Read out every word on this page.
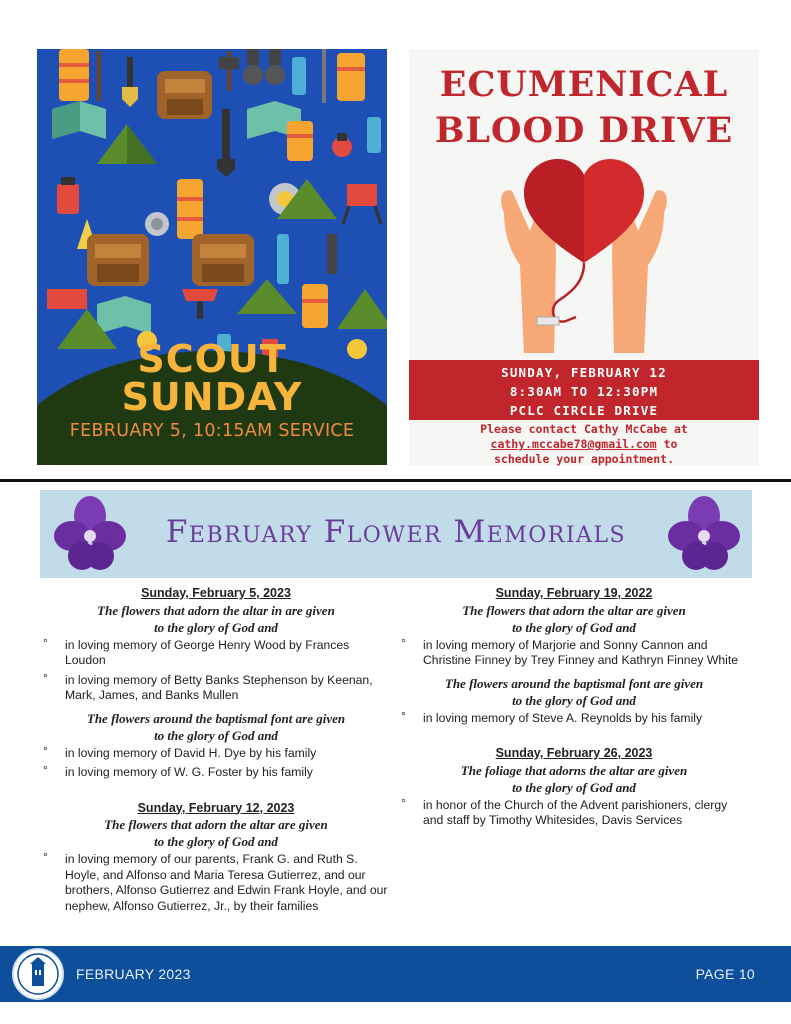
SCOUT
SUNDAY
FEBRUARY 5, 10:15AM SERVICE
ECUMENICAL
BLOOD DRIVE
SUNDAY, FEBRUARY 12
8:30AM TO 12:30PM
PCLC CIRCLE DRIVE
Please contact Cathy McCabe at
cathy.mccabe78@gmail.com to
schedule your appointment.
February Flower Memorials
Sunday, February 5, 2023
The flowers that adorn the altar in are given
to the glory of God and
° in loving memory of George Henry Wood by Frances Loudon
° in loving memory of Betty Banks Stephenson by Keenan, Mark, James, and Banks Mullen
The flowers around the baptismal font are given
to the glory of God and
° in loving memory of David H. Dye by his family
° in loving memory of W. G. Foster by his family
Sunday, February 12, 2023
The flowers that adorn the altar are given
to the glory of God and
° in loving memory of our parents, Frank G. and Ruth S. Hoyle, and Alfonso and Maria Teresa Gutierrez, and our brothers, Alfonso Gutierrez and Edwin Frank Hoyle, and our nephew, Alfonso Gutierrez, Jr., by their families
Sunday, February 19, 2022
The flowers that adorn the altar are given
to the glory of God and
° in loving memory of Marjorie and Sonny Cannon and Christine Finney by Trey Finney and Kathryn Finney White
The flowers around the baptismal font are given
to the glory of God and
° in loving memory of Steve A. Reynolds by his family
Sunday, February 26, 2023
The foliage that adorns the altar are given
to the glory of God and
° in honor of the Church of the Advent parishioners, clergy and staff by Timothy Whitesides, Davis Services
FEBRUARY 2023	PAGE 10
